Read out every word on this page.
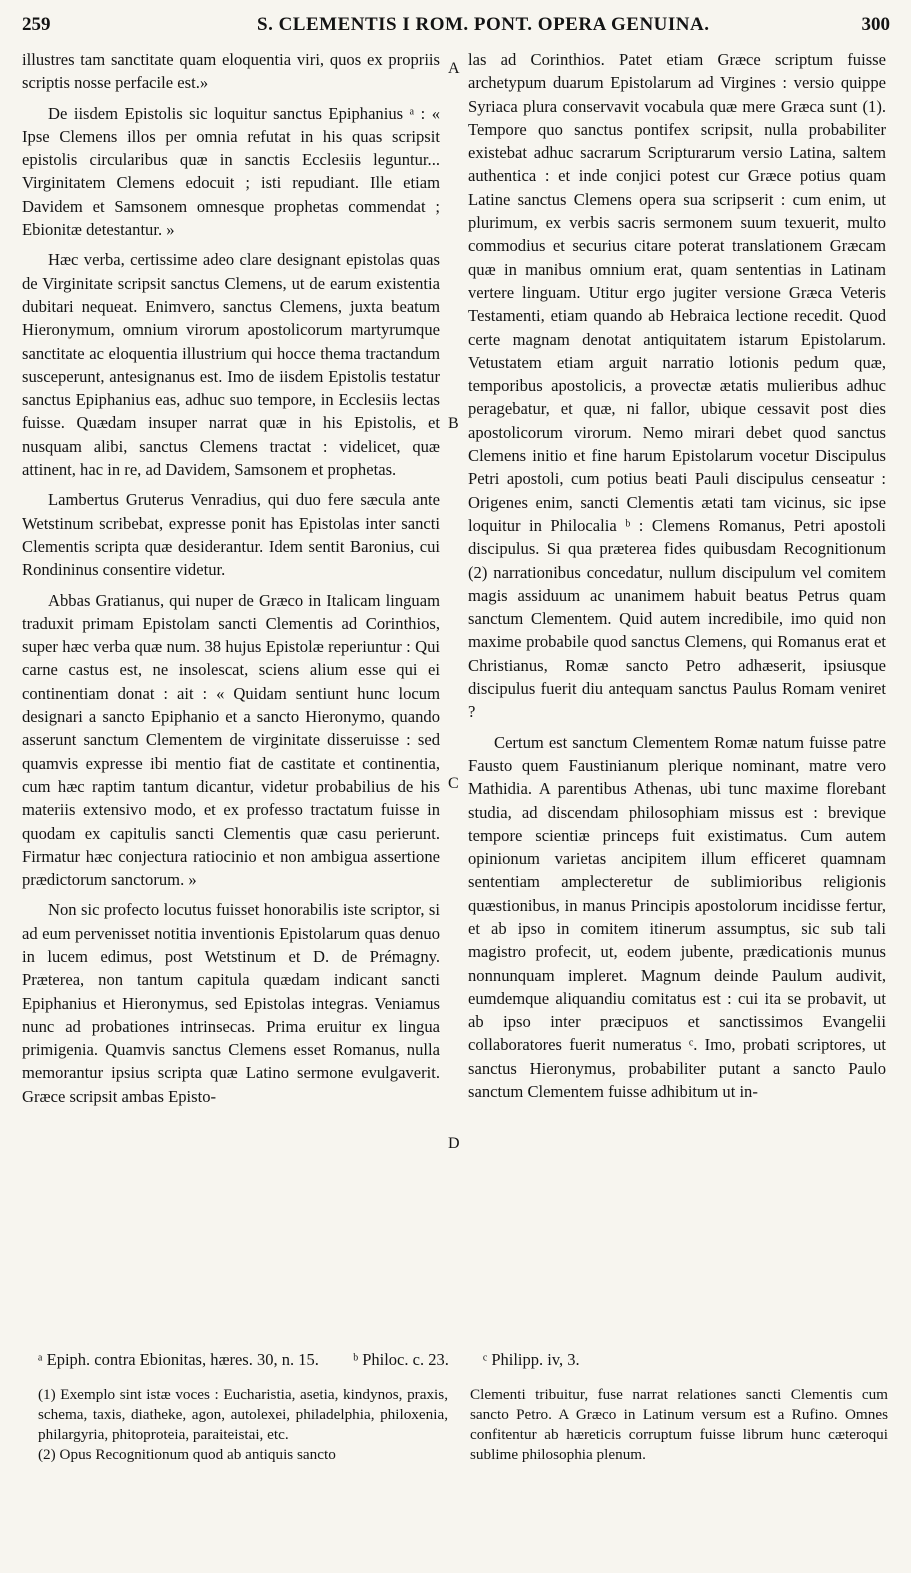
259	S. CLEMENTIS I ROM. PONT. OPERA GENUINA.	300

illustres tam sanctitate quam eloquentia viri, quos ex propriis scriptis nosse perfacile est.»

De iisdem Epistolis sic loquitur sanctus Epiphanius ᵃ : « Ipse Clemens illos per omnia refutat in his quas scripsit epistolis circularibus quæ in sanctis Ecclesiis leguntur... Virginitatem Clemens edocuit ; isti repudiant. Ille etiam Davidem et Samsonem omnesque prophetas commendat ; Ebionitæ detestantur. »

Hæc verba, certissime adeo clare designant epistolas quas de Virginitate scripsit sanctus Clemens, ut de earum existentia dubitari nequeat. Enimvero, sanctus Clemens, juxta beatum Hieronymum, omnium virorum apostolicorum martyrumque sanctitate ac eloquentia illustrium qui hocce thema tractandum susceperunt, antesignanus est. Imo de iisdem Epistolis testatur sanctus Epiphanius eas, adhuc suo tempore, in Ecclesiis lectas fuisse. Quædam insuper narrat quæ in his Epistolis, et nusquam alibi, sanctus Clemens tractat : videlicet, quæ attinent, hac in re, ad Davidem, Samsonem et prophetas.

Lambertus Gruterus Venradius, qui duo fere sæcula ante Wetstinum scribebat, expresse ponit has Epistolas inter sancti Clementis scripta quæ desiderantur. Idem sentit Baronius, cui Rondininus consentire videtur.

Abbas Gratianus, qui nuper de Græco in Italicam linguam traduxit primam Epistolam sancti Clementis ad Corinthios, super hæc verba quæ num. 38 hujus Epistolæ reperiuntur : Qui carne castus est, ne insolescat, sciens alium esse qui ei continentiam donat : ait : « Quidam sentiunt hunc locum designari a sancto Epiphanio et a sancto Hieronymo, quando asserunt sanctum Clementem de virginitate disseruisse : sed quamvis expresse ibi mentio fiat de castitate et continentia, cum hæc raptim tantum dicantur, videtur probabilius de his materiis extensivo modo, et ex professo tractatum fuisse in quodam ex capitulis sancti Clementis quæ casu perierunt. Firmatur hæc conjectura ratiocinio et non ambigua assertione prædictorum sanctorum. »

Non sic profecto locutus fuisset honorabilis iste scriptor, si ad eum pervenisset notitia inventionis Epistolarum quas denuo in lucem edimus, post Wetstinum et D. de Prémagny. Præterea, non tantum capitula quædam indicant sancti Epiphanius et Hieronymus, sed Epistolas integras. Veniamus nunc ad probationes intrinsecas. Prima eruitur ex lingua primigenia. Quamvis sanctus Clemens esset Romanus, nulla memorantur ipsius scripta quæ Latino sermone evulgaverit. Græce scripsit ambas Episto-

A
B
C
D

las ad Corinthios. Patet etiam Græce scriptum fuisse archetypum duarum Epistolarum ad Virgines : versio quippe Syriaca plura conservavit vocabula quæ mere Græca sunt (1). Tempore quo sanctus pontifex scripsit, nulla probabiliter existebat adhuc sacrarum Scripturarum versio Latina, saltem authentica : et inde conjici potest cur Græce potius quam Latine sanctus Clemens opera sua scripserit : cum enim, ut plurimum, ex verbis sacris sermonem suum texuerit, multo commodius et securius citare poterat translationem Græcam quæ in manibus omnium erat, quam sententias in Latinam vertere linguam. Utitur ergo jugiter versione Græca Veteris Testamenti, etiam quando ab Hebraica lectione recedit. Quod certe magnam denotat antiquitatem istarum Epistolarum. Vetustatem etiam arguit narratio lotionis pedum quæ, temporibus apostolicis, a provectæ ætatis mulieribus adhuc peragebatur, et quæ, ni fallor, ubique cessavit post dies apostolicorum virorum. Nemo mirari debet quod sanctus Clemens initio et fine harum Epistolarum vocetur Discipulus Petri apostoli, cum potius beati Pauli discipulus censeatur : Origenes enim, sancti Clementis ætati tam vicinus, sic ipse loquitur in Philocalia ᵇ : Clemens Romanus, Petri apostoli discipulus. Si qua præterea fides quibusdam Recognitionum (2) narrationibus concedatur, nullum discipulum vel comitem magis assiduum ac unanimem habuit beatus Petrus quam sanctum Clementem. Quid autem incredibile, imo quid non maxime probabile quod sanctus Clemens, qui Romanus erat et Christianus, Romæ sancto Petro adhæserit, ipsiusque discipulus fuerit diu antequam sanctus Paulus Romam veniret ?

Certum est sanctum Clementem Romæ natum fuisse patre Fausto quem Faustinianum plerique nominant, matre vero Mathidia. A parentibus Athenas, ubi tunc maxime florebant studia, ad discendam philosophiam missus est : brevique tempore scientiæ princeps fuit existimatus. Cum autem opinionum varietas ancipitem illum efficeret quamnam sententiam amplecteretur de sublimioribus religionis quæstionibus, in manus Principis apostolorum incidisse fertur, et ab ipso in comitem itinerum assumptus, sic sub tali magistro profecit, ut, eodem jubente, prædicationis munus nonnunquam impleret. Magnum deinde Paulum audivit, eumdemque aliquandiu comitatus est : cui ita se probavit, ut ab ipso inter præcipuos et sanctissimos Evangelii collaboratores fuerit numeratus ᶜ. Imo, probati scriptores, ut sanctus Hieronymus, probabiliter putant a sancto Paulo sanctum Clementem fuisse adhibitum ut in-

ᵃ Epiph. contra Ebionitas, hæres. 30, n. 15. ᵇ Philoc. c. 23. ᶜ Philipp. iv, 3.

(1) Exemplo sint istæ voces : Eucharistia, asetia, kindynos, praxis, schema, taxis, diatheke, agon, autolexei, philadelphia, philoxenia, philargyria, phitoproteia, paraiteistai, etc.

(2) Opus Recognitionum quod ab antiquis sancto

Clementi tribuitur, fuse narrat relationes sancti Clementis cum sancto Petro. A Græco in Latinum versum est a Rufino. Omnes confitentur ab hæreticis corruptum fuisse librum hunc cæteroqui sublime philosophia plenum.
